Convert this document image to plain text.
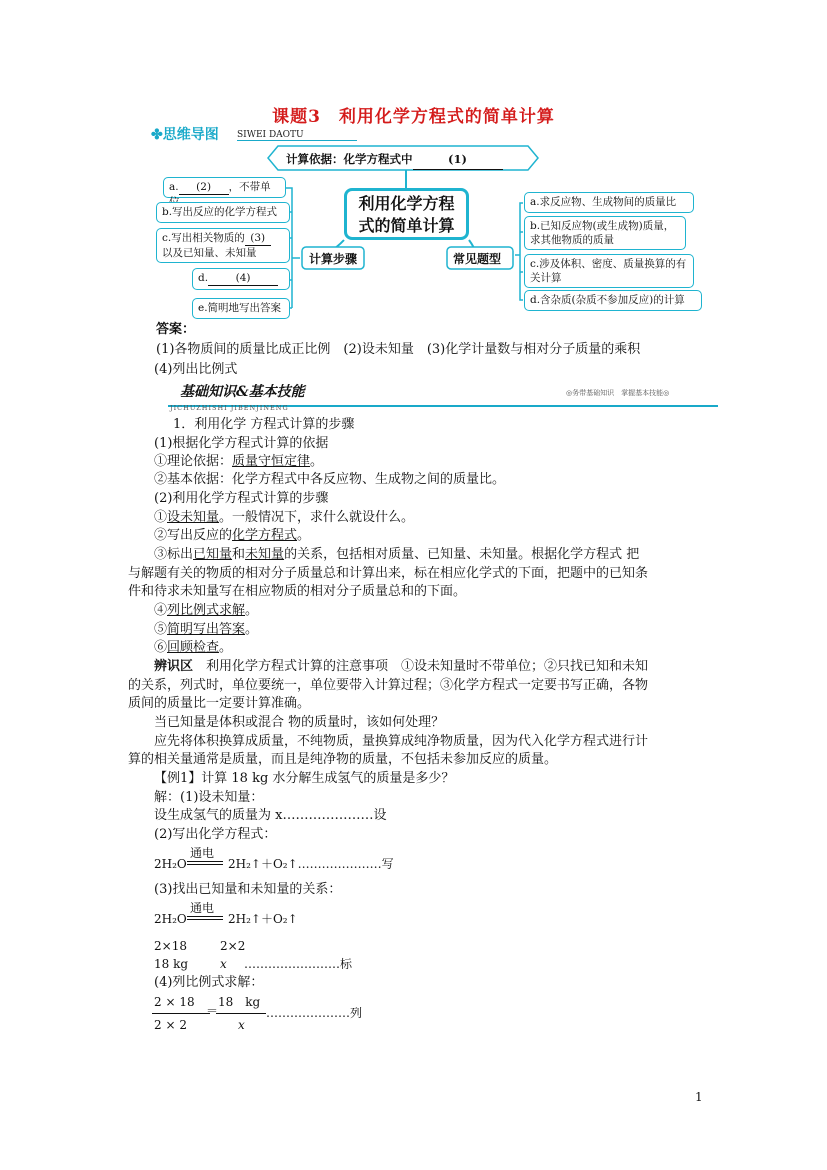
课题3　利用化学方程式的简单计算
✤思维导图 SIWEI DAOTU
计算依据：化学方程式中	(1)
利用化学方程
式的简单计算
计算步骤	常见题型
a. (2) ，不带单
b.写出反应的化学方程式
c.写出相关物质的 (3)
以及已知量、未知量
d.	(4)
e.简明地写出答案
a.求反应物、生成物间的质量比
b.已知反应物(或生成物)质量，求其他物质的质量
c.涉及体积、密度、质量换算的有关计算
d.含杂质(杂质不参加反应)的计算
答案：
(1)各物质间的质量比成正比例　(2)设未知量　(3)化学计量数与相对分子质量的乘积
(4)列出比例式
基础知识&基本技能	◎务带基础知识　掌握基本技能◎
JICHUZHISHI JIBENJINENG
1．利用化学 方程式计算的步骤
(1)根据化学方程式计算的依据
①理论依据：质量守恒定律。
②基本依据：化学方程式中各反应物、生成物之间的质量比。
(2)利用化学方程式计算的步骤
①设未知量。一般情况下，求什么就设什么。
②写出反应的化学方程式。
③标出已知量和未知量的关系，包括相对质量、已知量、未知量。根据化学方程式 把
与解题有关的物质的相对分子质量总和计算出来，标在相应化学式的下面，把题中的已知条
件和待求未知量写在相应物质的相对分子质量总和的下面。
④列比例式求解。
⑤简明写出答案。
⑥回顾检查。
辨识区　利用化学方程式计算的注意事项　①设未知量时不带单位；②只找已知和未知
的关系，列式时，单位要统一，单位要带入计算过程；③化学方程式一定要书写正确，各物
质间的质量比一定要计算准确。
当已知量是体积或混合 物的质量时，该如何处理？
应先将体积换算成质量，不纯物质，量换算成纯净物质量，因为代入化学方程式进行计
算的相关量通常是质量，而且是纯净物的质量，不包括未参加反应的质量。
【例1】计算 18 kg 水分解生成氢气的质量是多少？
解：(1)设未知量：
设生成氢气的质量为 x…………………设
(2)写出化学方程式：
通电
2H₂O	2H₂↑＋O₂↑…………………写
(3)找出已知量和未知量的关系：
通电
2H₂O	2H₂↑＋O₂↑
2×18	2×2
18 kg	x ……………………标
(4)列比例式求解：
2 × 18
2 × 2
＝
18　kg
x
…………………列
1
